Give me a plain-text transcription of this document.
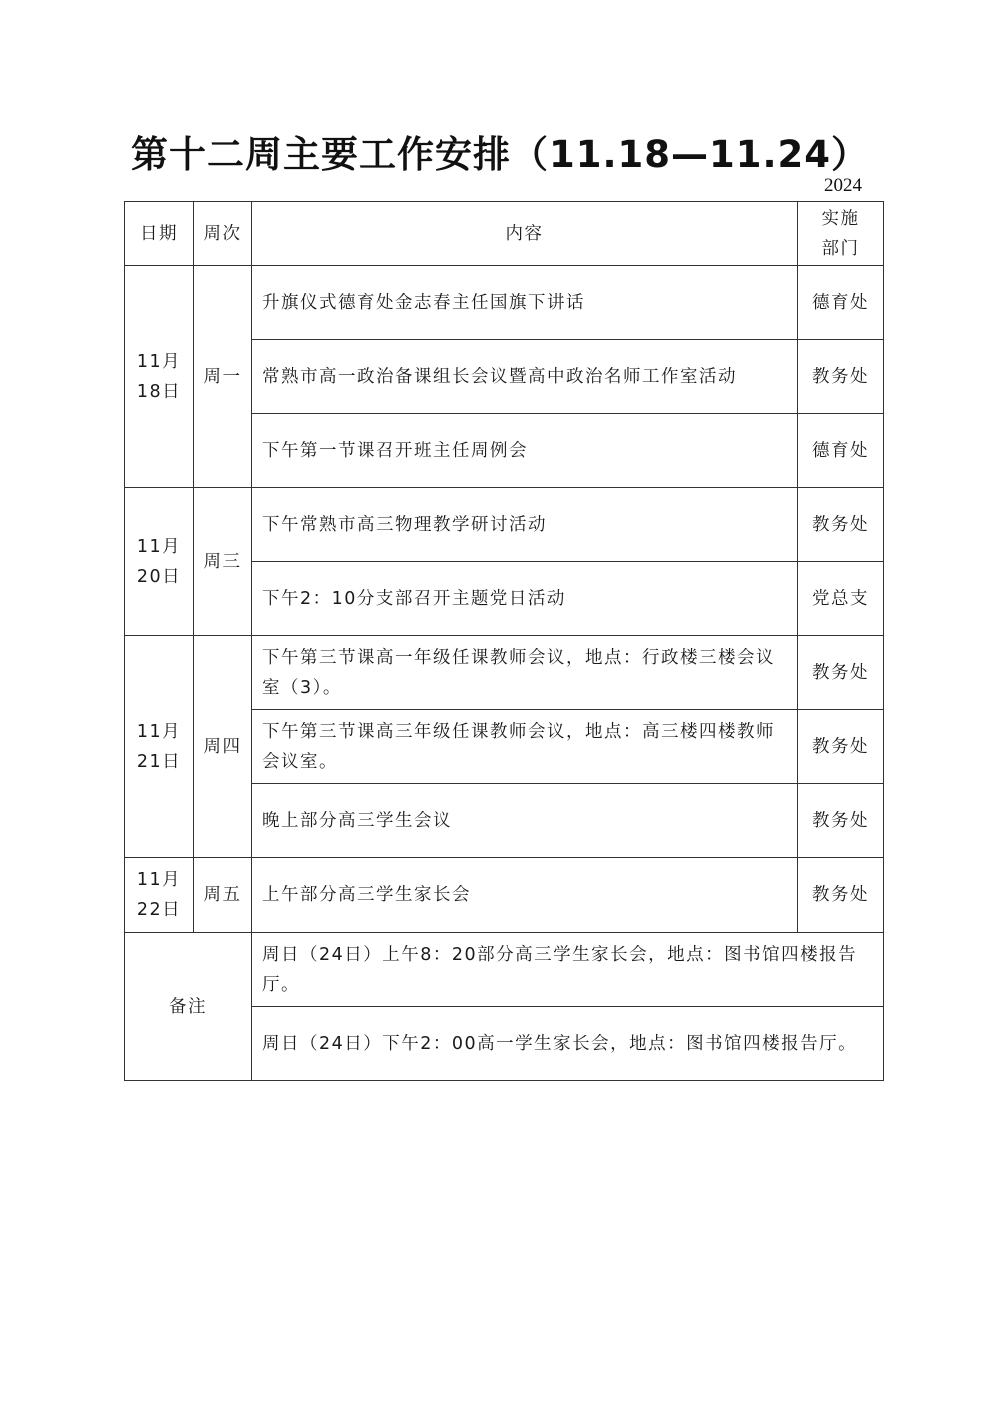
第十二周主要工作安排（11.18—11.24）
2024
日期	周次	内容	实施
部门

11月
18日	周一	升旗仪式德育处金志春主任国旗下讲话	德育处
		常熟市高一政治备课组长会议暨高中政治名师工作室活动	教务处
		下午第一节课召开班主任周例会	德育处

11月
20日	周三	下午常熟市高三物理教学研讨活动	教务处
		下午2：10分支部召开主题党日活动	党总支

11月
21日	周四	下午第三节课高一年级任课教师会议，地点：行政楼三楼会议室（3）。	教务处
		下午第三节课高三年级任课教师会议，地点：高三楼四楼教师会议室。	教务处
		晚上部分高三学生会议	教务处

11月
22日	周五	上午部分高三学生家长会	教务处
备注		周日（24日）上午8：20部分高三学生家长会，地点：图书馆四楼报告厅。	
		周日（24日）下午2：00高一学生家长会，地点：图书馆四楼报告厅。	
